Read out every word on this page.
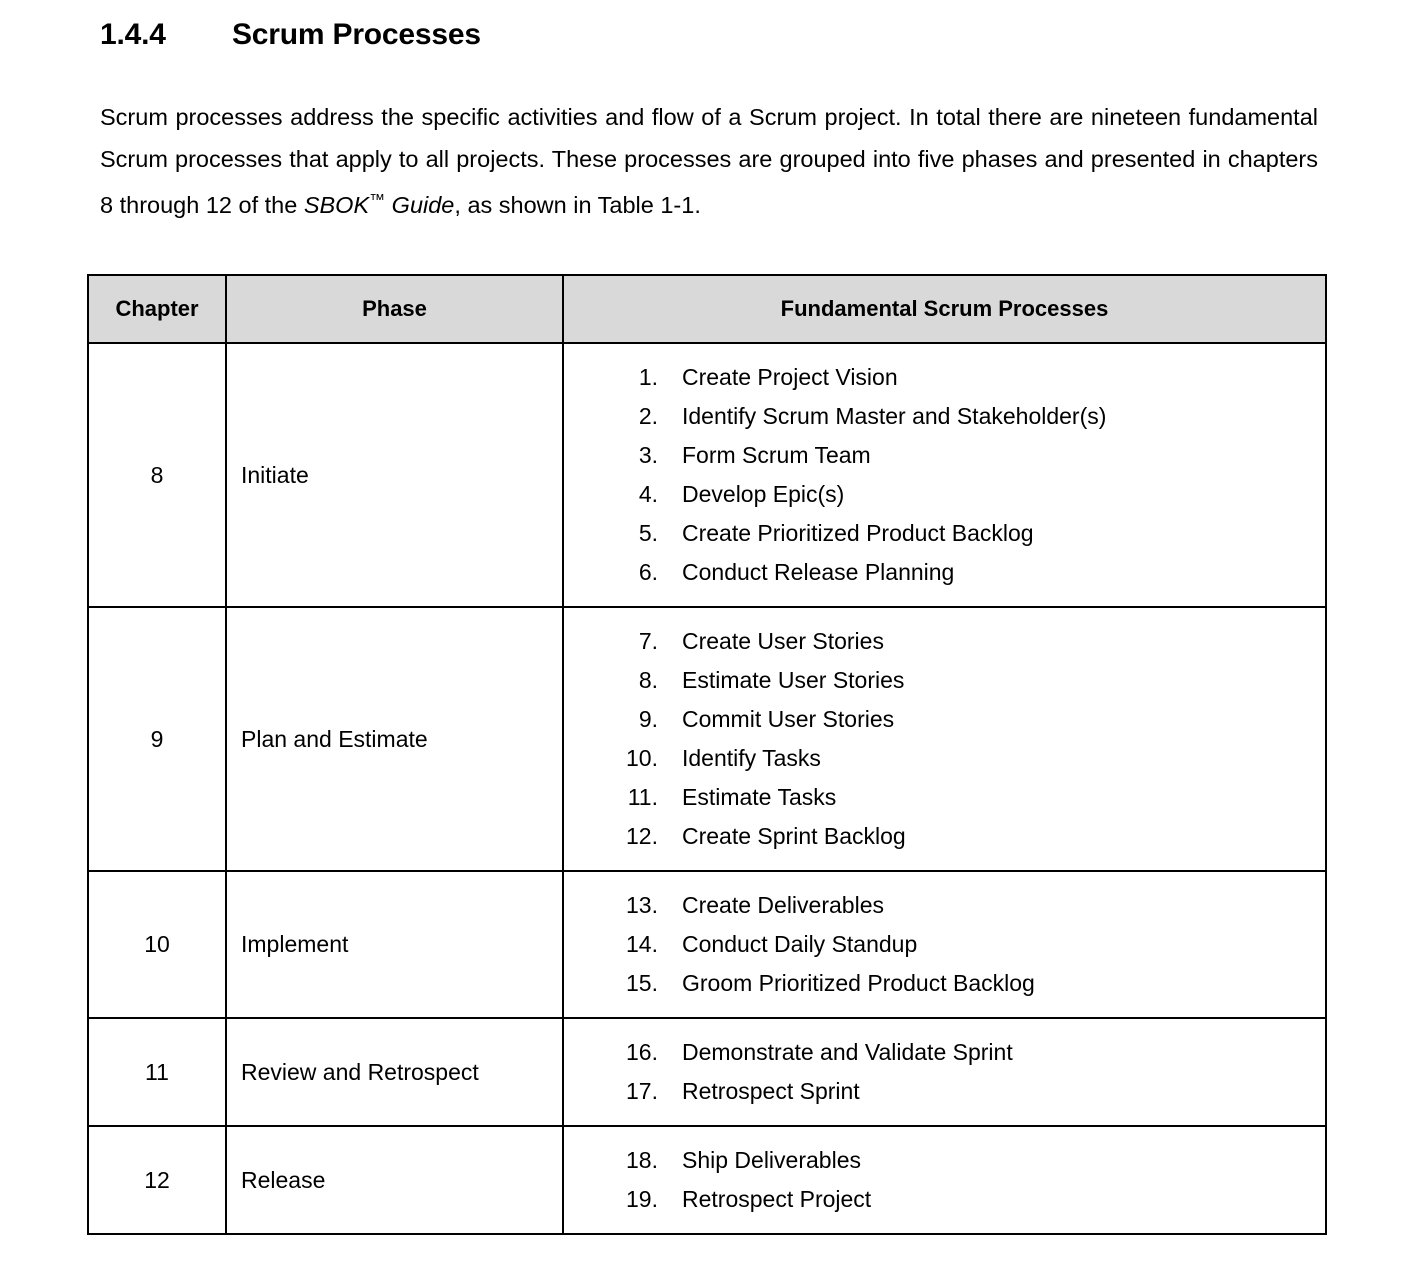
1.4.4	Scrum Processes

Scrum processes address the specific activities and flow of a Scrum project. In total there are nineteen fundamental Scrum processes that apply to all projects. These processes are grouped into five phases and presented in chapters 8 through 12 of the SBOK™ Guide, as shown in Table 1-1.

Chapter	Phase	Fundamental Scrum Processes
8	Initiate	
1.	Create Project Vision
2.	Identify Scrum Master and Stakeholder(s)
3.	Form Scrum Team
4.	Develop Epic(s)
5.	Create Prioritized Product Backlog
6.	Conduct Release Planning

9	Plan and Estimate	
7.	Create User Stories
8.	Estimate User Stories
9.	Commit User Stories
10.	Identify Tasks
11.	Estimate Tasks
12.	Create Sprint Backlog

10	Implement	
13.	Create Deliverables
14.	Conduct Daily Standup
15.	Groom Prioritized Product Backlog

11	Review and Retrospect	
16.	Demonstrate and Validate Sprint
17.	Retrospect Sprint

12	Release	
18.	Ship Deliverables
19.	Retrospect Project
